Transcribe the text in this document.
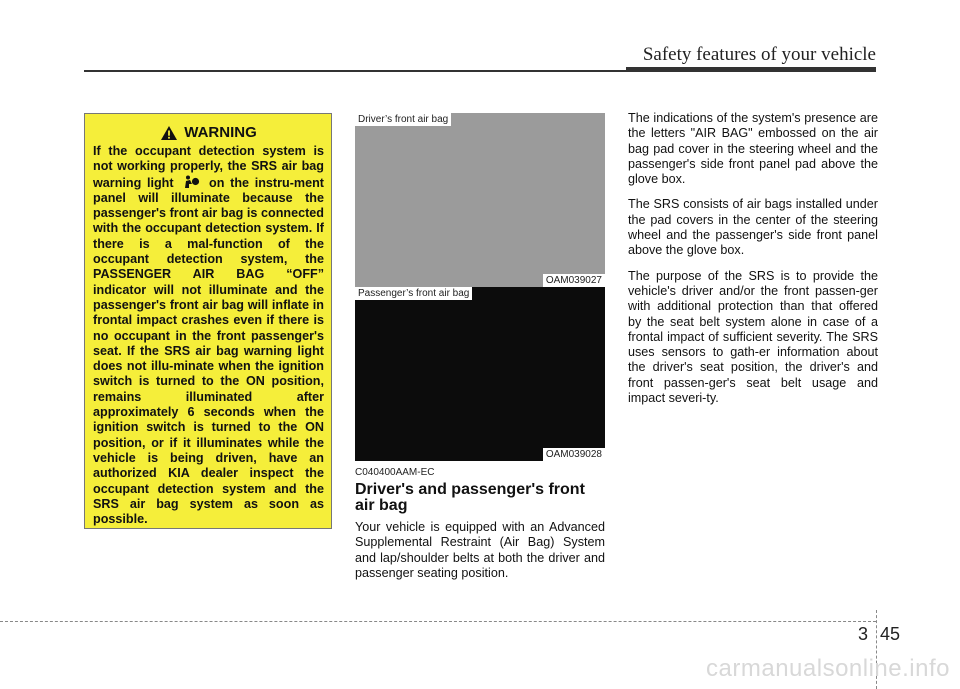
Safety features of your vehicle
WARNING

If the occupant detection system is not working properly, the SRS air bag warning light	on the instru-ment panel will illuminate because the passenger's front air bag is connected with the occupant detection system. If there is a mal-function of the occupant detection system, the PASSENGER AIR BAG “OFF” indicator will not illuminate and the passenger's front air bag will inflate in frontal impact crashes even if there is no occupant in the front passenger's seat. If the SRS air bag warning light does not illu-minate when the ignition switch is turned to the ON position, remains illuminated after approximately 6 seconds when the ignition switch is turned to the ON position, or if it illuminates while the vehicle is being driven, have an authorized KIA dealer inspect the occupant detection system and the SRS air bag system as soon as possible.

Driver’s front air bag
OAM039027
Passenger’s front air bag
OAM039028
C040400AAM-EC
Driver's and passenger's front air bag

Your vehicle is equipped with an Advanced Supplemental Restraint (Air Bag) System and lap/shoulder belts at both the driver and passenger seating position.

The indications of the system's presence are the letters "AIR BAG" embossed on the air bag pad cover in the steering wheel and the passenger's side front panel pad above the glove box.

The SRS consists of air bags installed under the pad covers in the center of the steering wheel and the passenger's side front panel above the glove box.

The purpose of the SRS is to provide the vehicle's driver and/or the front passen-ger with additional protection than that offered by the seat belt system alone in case of a frontal impact of sufficient severity. The SRS uses sensors to gath-er information about the driver's seat position, the driver's and front passen-ger's seat belt usage and impact severi-ty.

3 45
carmanualsonline.info
